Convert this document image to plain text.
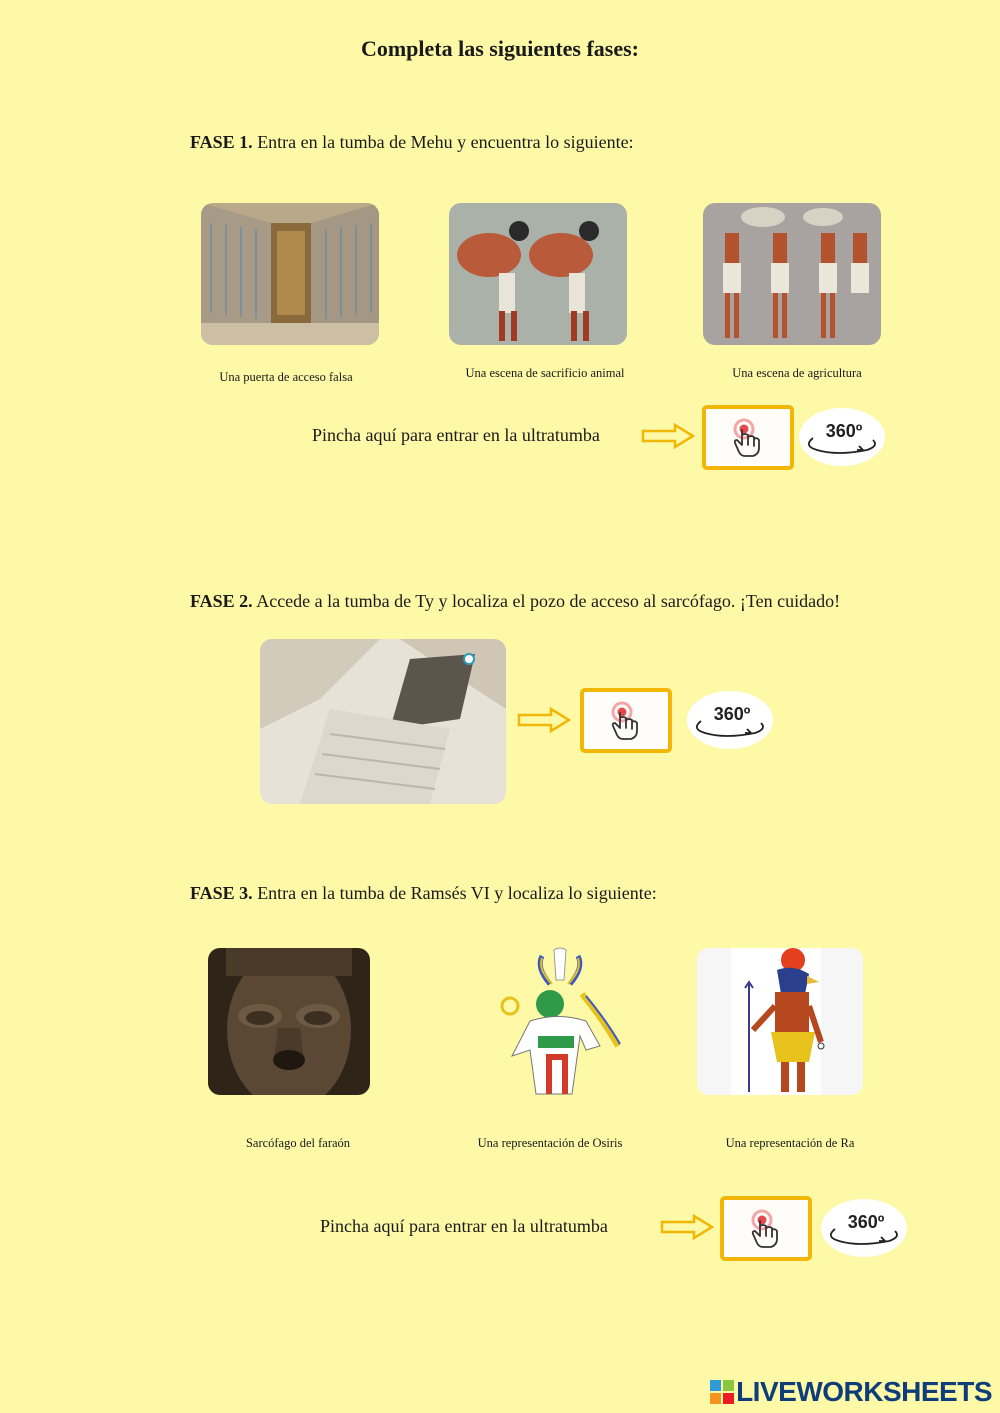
Completa las siguientes fases:
FASE 1. Entra en la tumba de Mehu y encuentra lo siguiente:
Una puerta de acceso falsa	Una escena de sacrificio animal	Una escena de agricultura
Pincha aquí para entrar en la ultratumba	360º
FASE 2. Accede a la tumba de Ty y localiza el pozo de acceso al sarcófago. ¡Ten cuidado!
360º
FASE 3. Entra en la tumba de Ramsés VI y localiza lo siguiente:
Sarcófago del faraón	Una representación de Osiris	Una representación de Ra
Pincha aquí para entrar en la ultratumba	360º
LIVEWORKSHEETS
